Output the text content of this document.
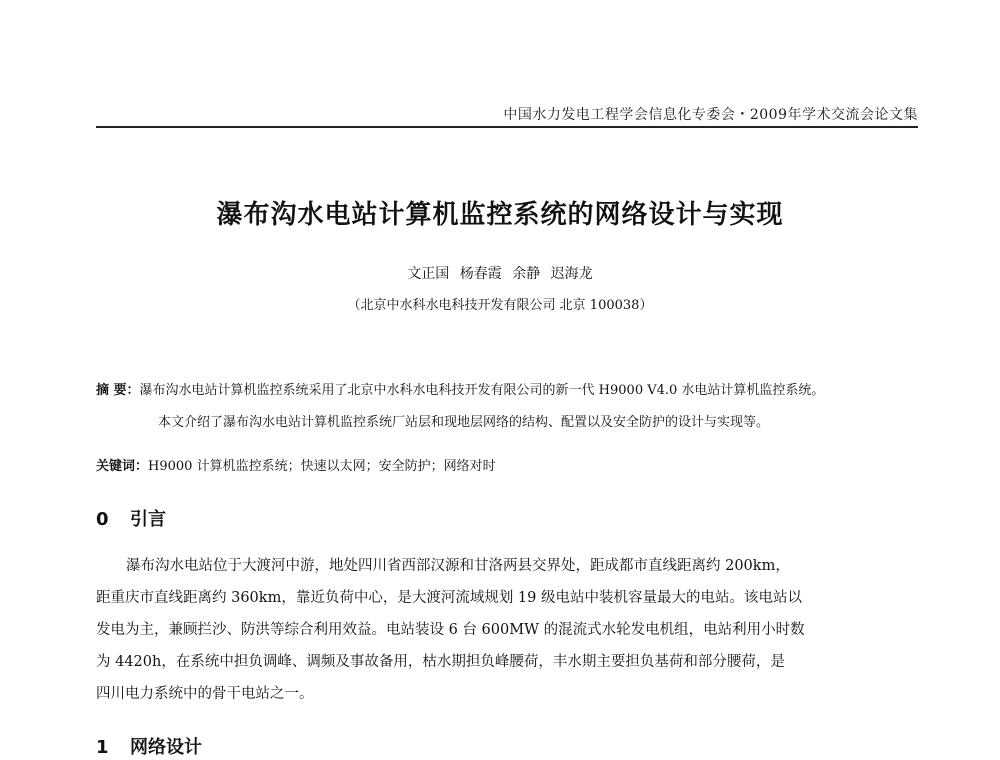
中国水力发电工程学会信息化专委会・2009年学术交流会论文集
瀑布沟水电站计算机监控系统的网络设计与实现
文正国 杨春霞 余静 迟海龙
（北京中水科水电科技开发有限公司 北京 100038）
摘 要：瀑布沟水电站计算机监控系统采用了北京中水科水电科技开发有限公司的新一代 H9000 V4.0 水电站计算机监控系统。
本文介绍了瀑布沟水电站计算机监控系统厂站层和现地层网络的结构、配置以及安全防护的设计与实现等。
关键词：H9000 计算机监控系统；快速以太网；安全防护；网络对时
0 引言
瀑布沟水电站位于大渡河中游，地处四川省西部汉源和甘洛两县交界处，距成都市直线距离约 200km，
距重庆市直线距离约 360km，靠近负荷中心，是大渡河流域规划 19 级电站中装机容量最大的电站。该电站以
发电为主，兼顾拦沙、防洪等综合利用效益。电站装设 6 台 600MW 的混流式水轮发电机组，电站利用小时数
为 4420h，在系统中担负调峰、调频及事故备用，枯水期担负峰腰荷，丰水期主要担负基荷和部分腰荷，是
四川电力系统中的骨干电站之一。
1 网络设计
